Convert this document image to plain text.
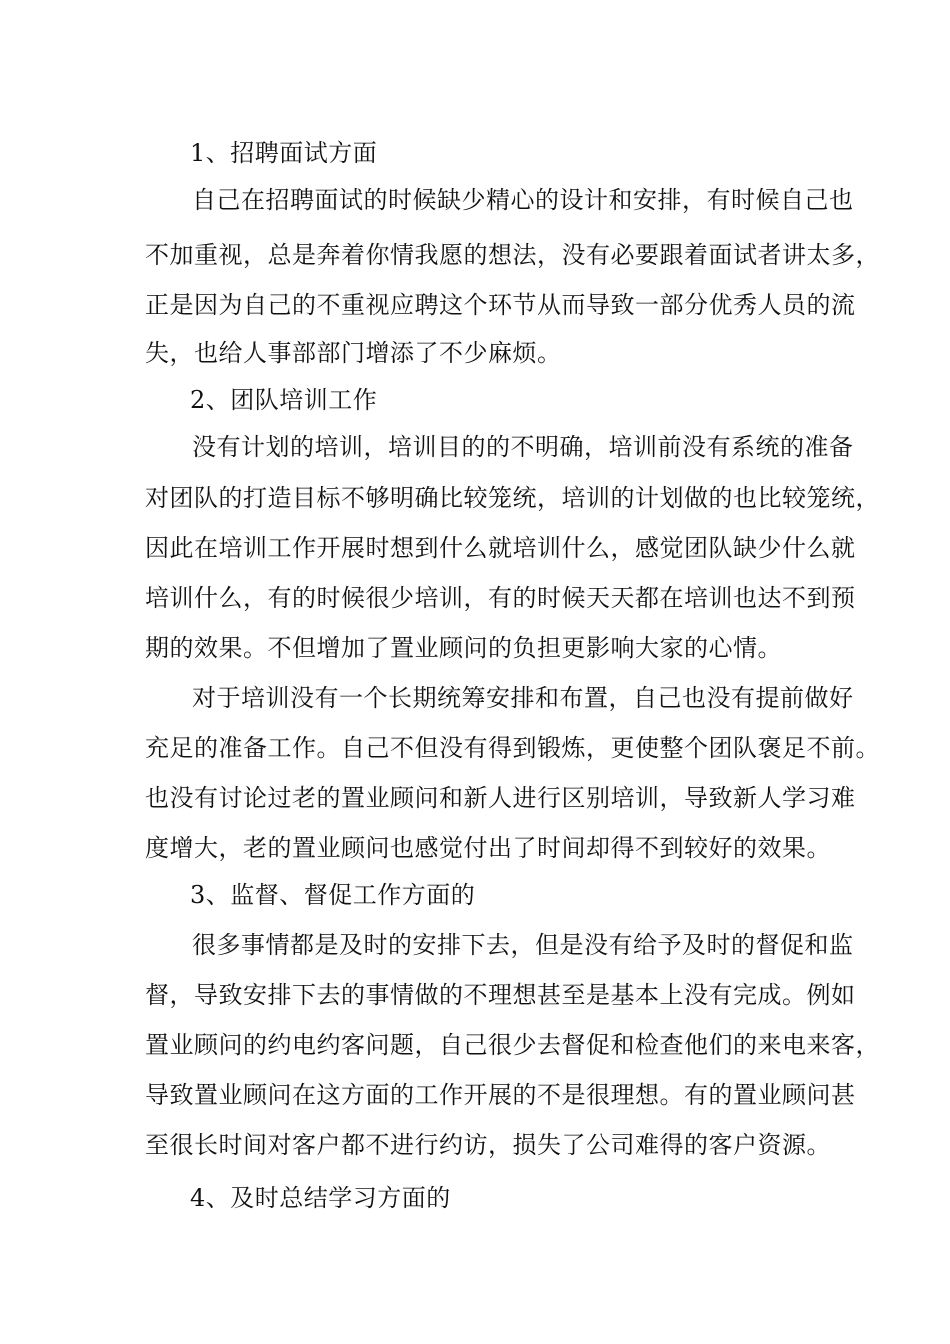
1、招聘面试方面
自己在招聘面试的时候缺少精心的设计和安排，有时候自己也
不加重视，总是奔着你情我愿的想法，没有必要跟着面试者讲太多，
正是因为自己的不重视应聘这个环节从而导致一部分优秀人员的流
失，也给人事部部门增添了不少麻烦。
2、团队培训工作
没有计划的培训，培训目的的不明确，培训前没有系统的准备
对团队的打造目标不够明确比较笼统，培训的计划做的也比较笼统，
因此在培训工作开展时想到什么就培训什么，感觉团队缺少什么就
培训什么，有的时候很少培训，有的时候天天都在培训也达不到预
期的效果。不但增加了置业顾问的负担更影响大家的心情。
对于培训没有一个长期统筹安排和布置，自己也没有提前做好
充足的准备工作。自己不但没有得到锻炼，更使整个团队褒足不前。
也没有讨论过老的置业顾问和新人进行区别培训，导致新人学习难
度增大，老的置业顾问也感觉付出了时间却得不到较好的效果。
3、监督、督促工作方面的
很多事情都是及时的安排下去，但是没有给予及时的督促和监
督，导致安排下去的事情做的不理想甚至是基本上没有完成。例如
置业顾问的约电约客问题，自己很少去督促和检查他们的来电来客，
导致置业顾问在这方面的工作开展的不是很理想。有的置业顾问甚
至很长时间对客户都不进行约访，损失了公司难得的客户资源。
4、及时总结学习方面的
